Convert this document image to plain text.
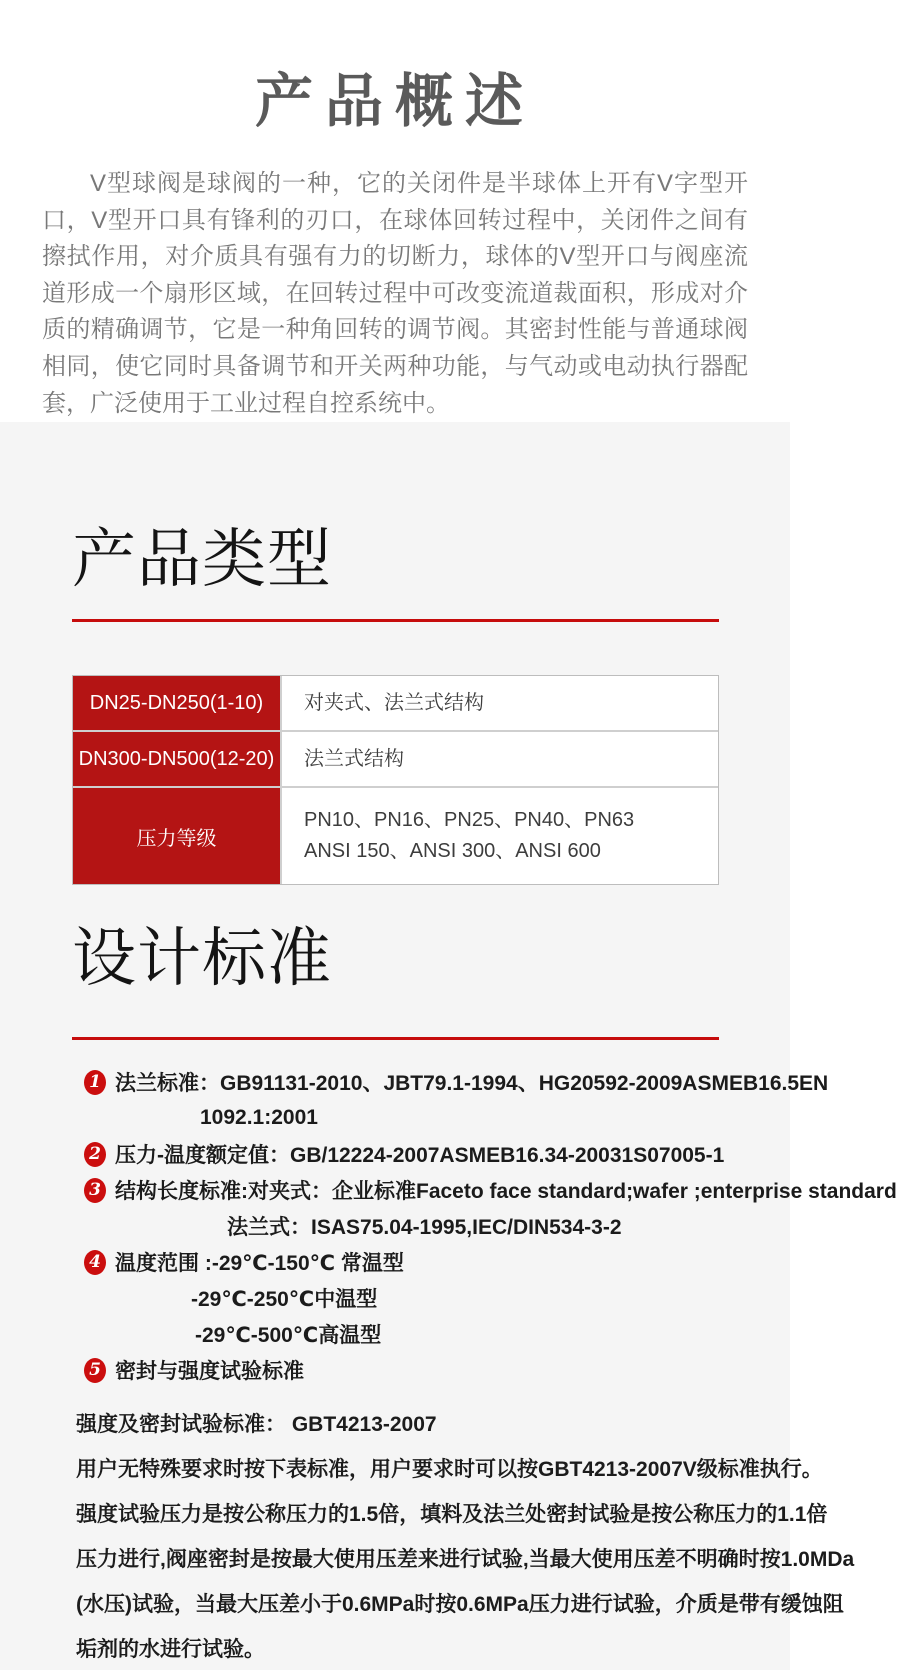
产品概述

V型球阀是球阀的一种，它的关闭件是半球体上开有V字型开口，V型开口具有锋利的刃口，在球体回转过程中，关闭件之间有擦拭作用，对介质具有强有力的切断力，球体的V型开口与阀座流道形成一个扇形区域，在回转过程中可改变流道裁面积，形成对介质的精确调节，它是一种角回转的调节阀。其密封性能与普通球阀相同，使它同时具备调节和开关两种功能，与气动或电动执行器配套，广泛使用于工业过程自控系统中。

产品类型
DN25-DN250(1-10)	对夹式、法兰式结构
DN300-DN500(12-20) 法兰式结构
压力等级
PN10、PN16、PN25、PN40、PN63
ANSI 150、ANSI 300、ANSI 600
设计标准
1 法兰标准：GB91131-2010、JBT79.1-1994、HG20592-2009ASMEB16.5EN
1092.1:2001
2 压力-温度额定值：GB/12224-2007ASMEB16.34-20031S07005-1
3 结构长度标准:对夹式：企业标准Faceto face standard;wafer ;enterprise standard
法兰式：ISAS75.04-1995,IEC/DIN534-3-2
4 温度范围 :-29℃-150℃ 常温型
-29℃-250℃中温型
-29℃-500℃高温型
5 密封与强度试验标准
强度及密封试验标准： GBT4213-2007
用户无特殊要求时按下表标准，用户要求时可以按GBT4213-2007V级标准执行。
强度试验压力是按公称压力的1.5倍，填料及法兰处密封试验是按公称压力的1.1倍
压力进行,阀座密封是按最大使用压差来进行试验,当最大使用压差不明确时按1.0MDa
(水压)试验，当最大压差小于0.6MPa时按0.6MPa压力进行试验，介质是带有缓蚀阻
垢剂的水进行试验。
